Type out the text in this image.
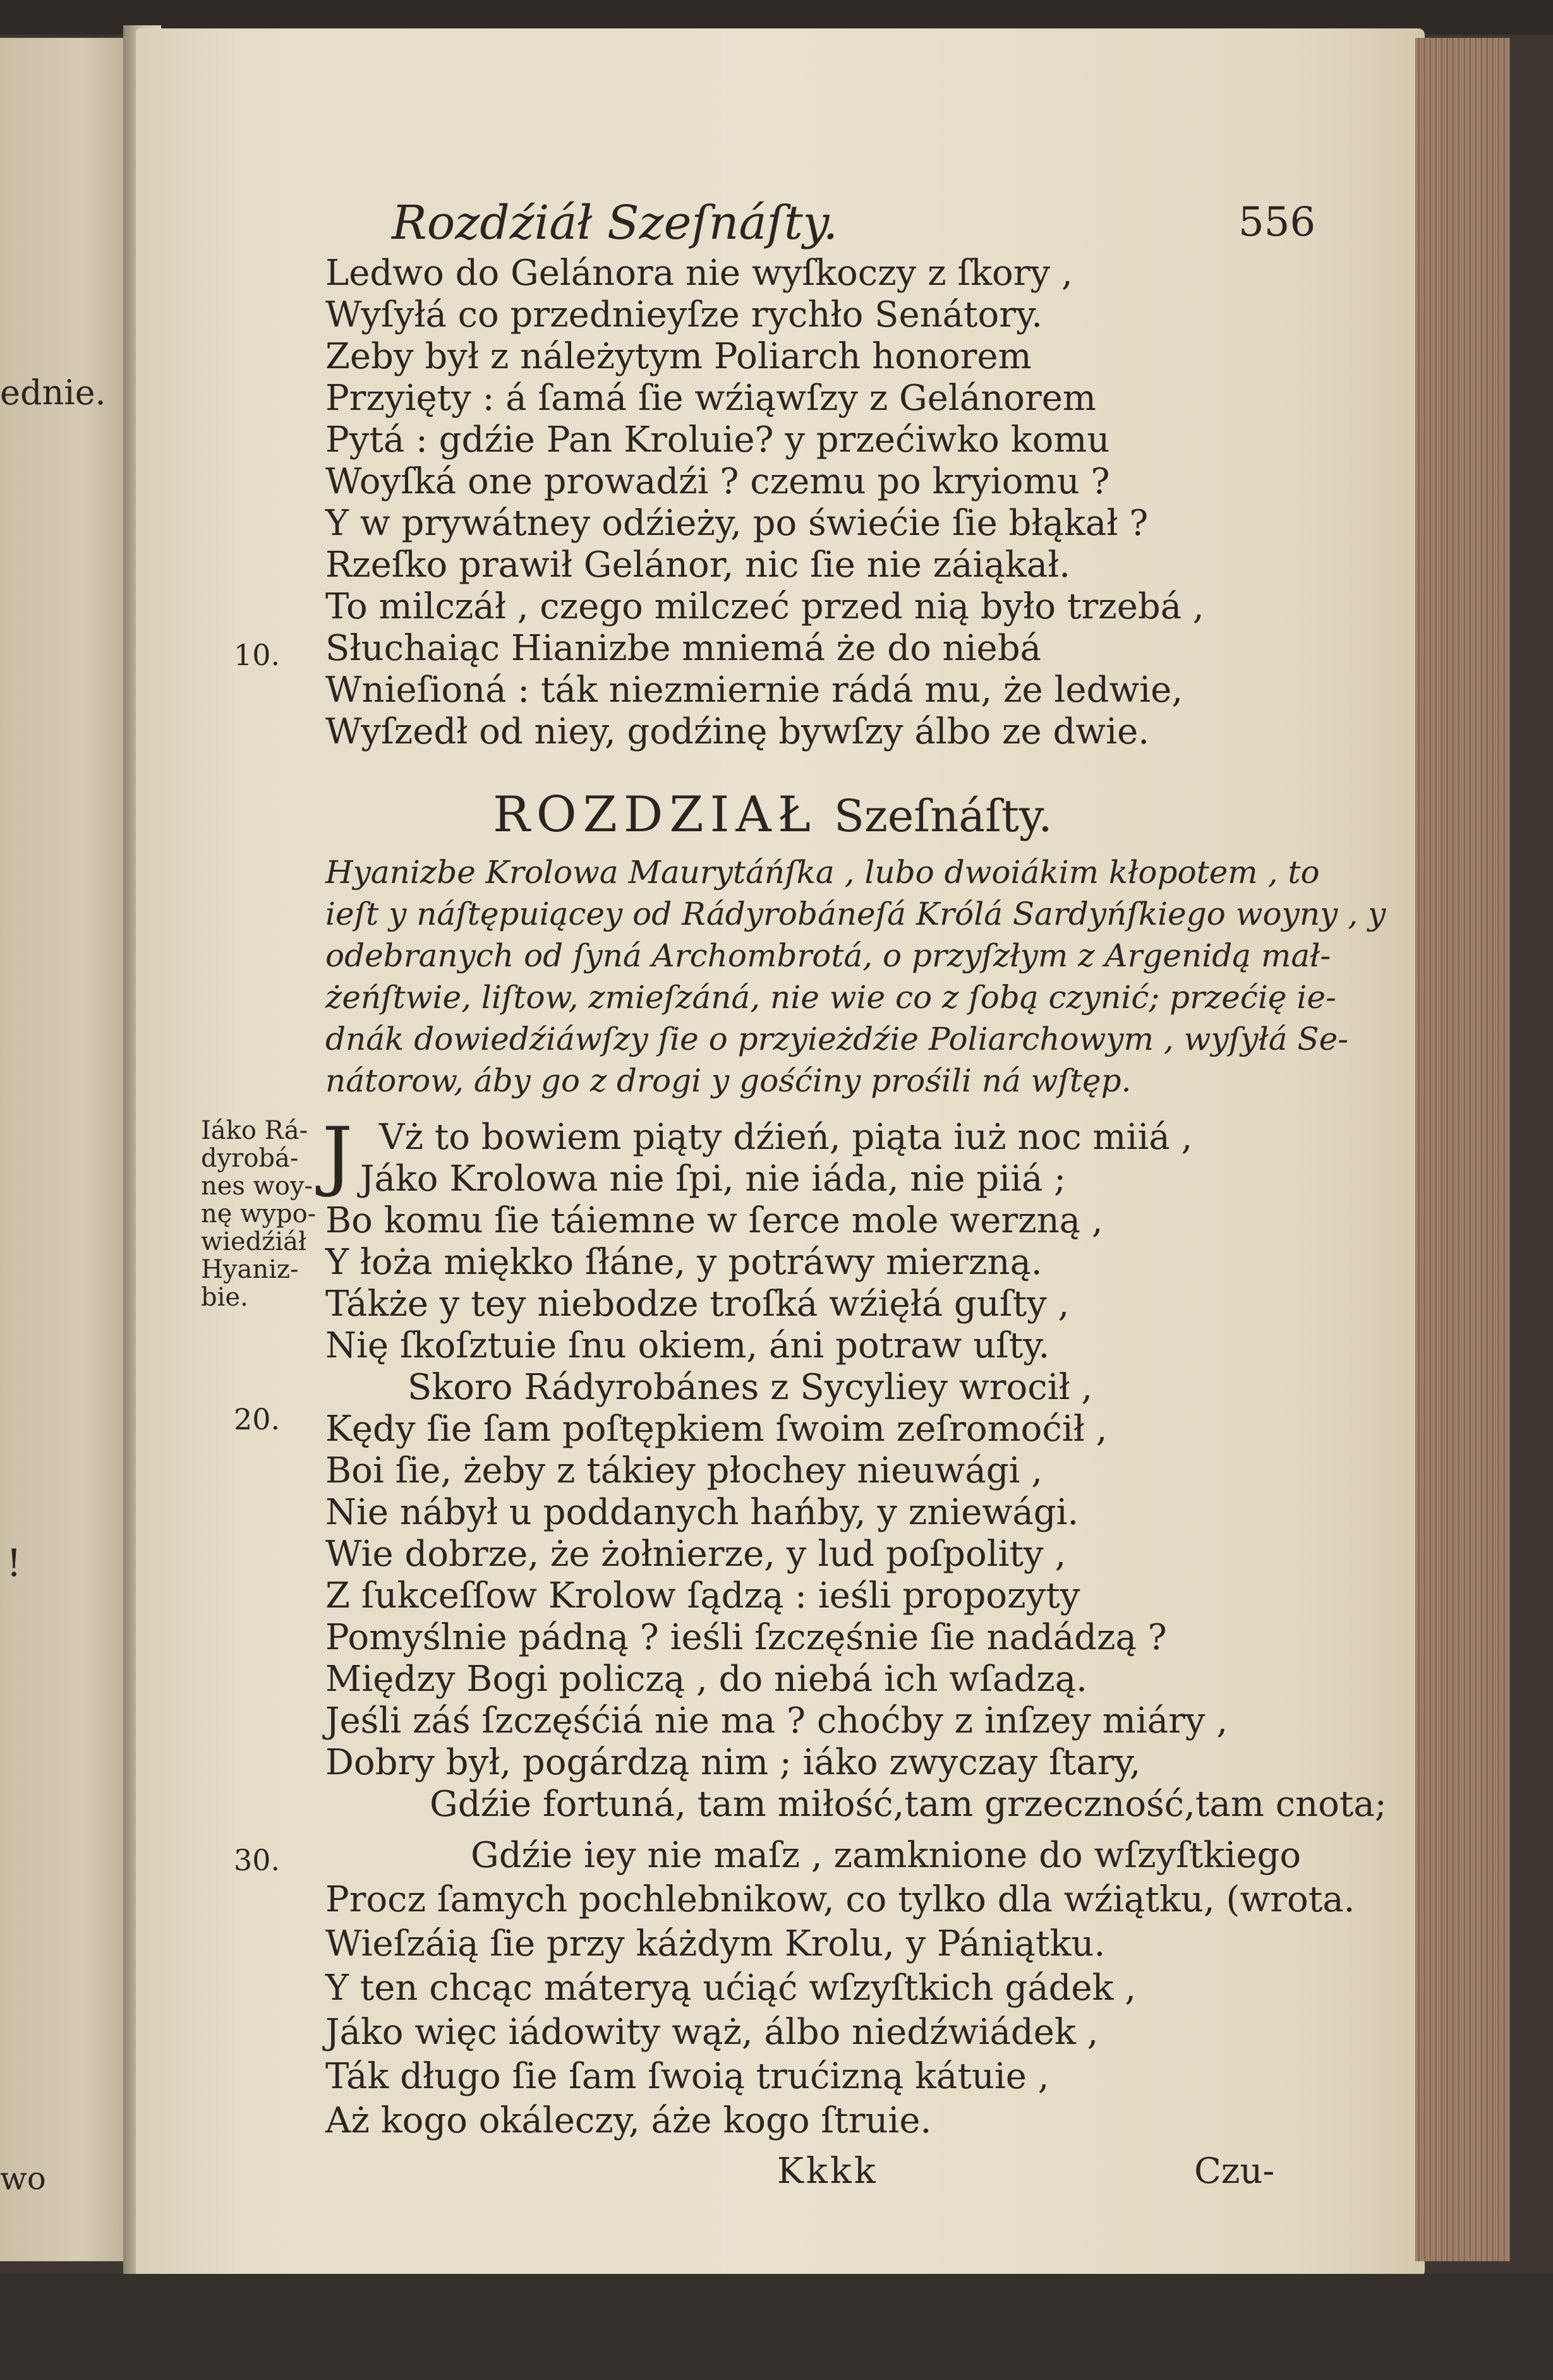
ednie.
!
wo
Rozdźiáł Szeſnáſty.	556
Ledwo do Gelánora nie wyſkoczy z ſkory ,
Wyſyłá co przednieyſze rychło Senátory.
Zeby był z náleżytym Poliarch honorem
Przyięty : á ſamá ſie wźiąwſzy z Gelánorem
Pytá : gdźie Pan Kroluie? y przećiwko komu
Woyſká one prowadźi ? czemu po kryiomu ?
Y w prywátney odźieży, po świećie ſie błąkał ?
Rzeſko prawił Gelánor, nic ſie nie záiąkał.
To milczáł , czego milczeć przed nią było trzebá ,
Słuchaiąc Hianizbe mniemá że do niebá
Wnieſioná : ták niezmiernie rádá mu, że ledwie,
Wyſzedł od niey, godźinę bywſzy álbo ze dwie.
10.
20.
30.
ROZDZIAŁ Szeſnáſty.
Hyanizbe Krolowa Maurytáńſka , lubo dwoiákim kłopotem , to
ieſt y náſtępuiącey od Rádyrobáneſá Królá Sardyńſkiego woyny , y
odebranych od ſyná Archombrotá, o przyſzłym z Argenidą mał-
żeńſtwie, liſtow, zmieſzáná, nie wie co z ſobą czynić; przećię ie-
dnák dowiedźiáwſzy ſie o przyieżdźie Poliarchowym , wyſyłá Se-
nátorow, áby go z drogi y gośćiny prośili ná wſtęp.
Iáko Rá-
dyrobá-
nes woy-
nę wypo-
wiedźiáł
Hyaniz-
bie.
J Vż to bowiem piąty dźień, piąta iuż noc miiá ,
Jáko Krolowa nie ſpi, nie iáda, nie piiá ;
Bo komu ſie táiemne w ſerce mole werzną ,
Y łoża miękko ſłáne, y potráwy mierzną.
Tákże y tey niebodze troſká wźięłá guſty ,
Nię ſkoſztuie ſnu okiem, áni potraw uſty.
Skoro Rádyrobánes z Sycyliey wrocił ,
Kędy ſie ſam poſtępkiem ſwoim zeſromoćił ,
Boi ſie, żeby z tákiey płochey nieuwági ,
Nie nábył u poddanych hańby, y zniewági.
Wie dobrze, że żołnierze, y lud poſpolity ,
Z ſukceſſow Krolow ſądzą : ieśli propozyty
Pomyślnie pádną ? ieśli ſzczęśnie ſie nadádzą ?
Między Bogi policzą , do niebá ich wſadzą.
Jeśli záś ſzczęśćiá nie ma ? choćby z inſzey miáry ,
Dobry był, pogárdzą nim ; iáko zwyczay ſtary,
Gdźie fortuná, tam miłość,tam grzeczność,tam cnota;
Gdźie iey nie maſz , zamknione do wſzyſtkiego
Procz ſamych pochlebnikow, co tylko dla wźiątku, (wrota.
Wieſzáią ſie przy káżdym Krolu, y Pániątku.
Y ten chcąc máteryą ućiąć wſzyſtkich gádek ,
Jáko więc iádowity wąż, álbo niedźwiádek ,
Ták długo ſie ſam ſwoią trućizną kátuie ,
Aż kogo okáleczy, áże kogo ſtruie.
Kkkk	Czu-
